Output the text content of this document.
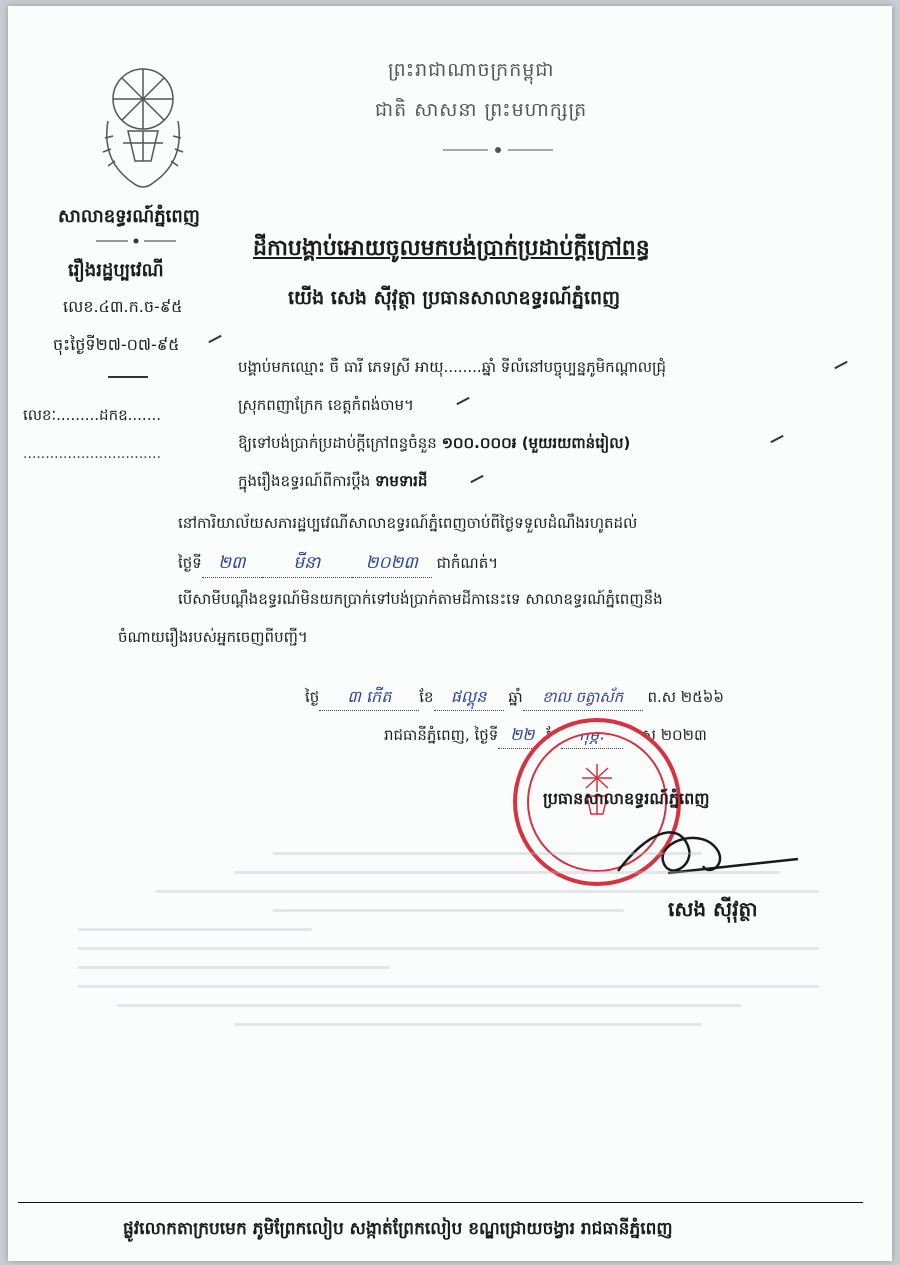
ព្រះរាជាណាចក្រកម្ពុជា
ជាតិ សាសនា ព្រះមហាក្សត្រ
សាលាឧទ្ធរណ៍ភ្នំពេញ
រឿងរដ្ឋប្បវេណី
លេខ.៤៣.ក.ច-៩៥
ចុះថ្ងៃទី២៧-០៧-៩៥
លេខៈ.........ដកឧ.......
...............................
ដីកាបង្គាប់អោយចូលមកបង់ប្រាក់ប្រដាប់ក្ដីក្រៅពន្ធ
យើង សេង ស៊ីវុត្ថា ប្រធានសាលាឧទ្ធរណ៍ភ្នំពេញ
បង្គាប់មកឈ្មោះ ចឺ ធារី ភេទស្រី អាយុ........ឆ្នាំ ទីលំនៅបច្ចុប្បន្នភូមិកណ្ដាលជ្រុំ
ស្រុកពញាក្រែក ខេត្តកំពង់ចាម។
ឱ្យទៅបង់ប្រាក់ប្រដាប់ក្ដីក្រៅពន្ធចំនួន ១០០.០០០៛ (មួយរយពាន់រៀល)
ក្នុងរឿងឧទ្ធរណ៍ពីការប្ដឹង ទាមទារដី
នៅការិយាល័យសភារដ្ឋប្បវេណីសាលាឧទ្ធរណ៍ភ្នំពេញចាប់ពីថ្ងៃទទួលដំណឹងរហូតដល់
ថ្ងៃទី ២៣	មីនា	២០២៣ ជាកំណត់។
បើសាមីបណ្ដឹងឧទ្ធរណ៍មិនយកប្រាក់ទៅបង់ប្រាក់តាមដីកានេះទេ សាលាឧទ្ធរណ៍ភ្នំពេញនឹង
ចំណាយរឿងរបស់អ្នកចេញពីបញ្ជី។
ថ្ងៃ ៣ កេីត ខែ ផល្គុន ឆ្នាំ ខាល ចត្វាស័ក ព.ស ២៥៦៦
រាជធានីភ្នំពេញ, ថ្ងៃទី ២២ ខែ កុម្ភៈ គ.ស ២០២៣
ប្រធានសាលាឧទ្ធរណ៍ភ្នំពេញ
សេង ស៊ីវុត្ថា
ផ្លូវលោកតាក្របមេក ភូមិព្រែកលៀប សង្កាត់ព្រែកលៀប ខណ្ឌជ្រោយចង្វារ រាជធានីភ្នំពេញ
